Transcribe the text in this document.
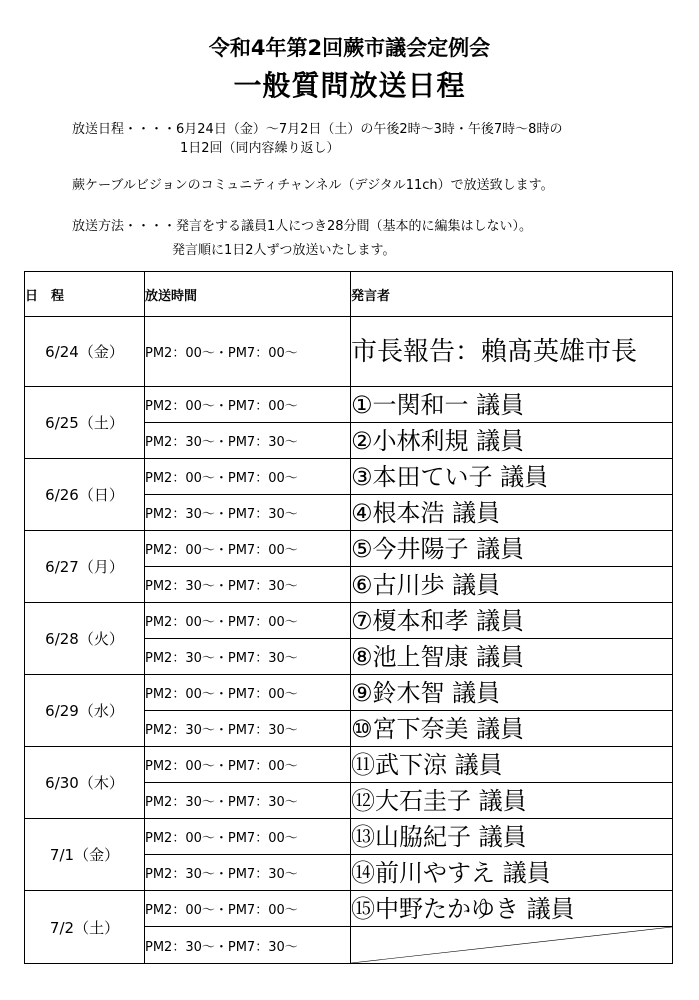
令和4年第2回蕨市議会定例会
一般質問放送日程
放送日程・・・・6月24日（金）～7月2日（土）の午後2時～3時・午後7時～8時の
1日2回（同内容繰り返し）
蕨ケーブルビジョンのコミュニティチャンネル（デジタル11ch）で放送致します。
放送方法・・・・発言をする議員1人につき28分間（基本的に編集はしない）。
発言順に1日2人ずつ放送いたします。
日　程	放送時間	発言者
6/24（金）	PM2：00～・PM7：00～	市長報告：賴髙英雄市長
6/25（土）	PM2：00～・PM7：00～	①一関和一 議員
	PM2：30～・PM7：30～	②小林利規 議員
6/26（日）	PM2：00～・PM7：00～	③本田てい子 議員
	PM2：30～・PM7：30～	④根本浩 議員
6/27（月）	PM2：00～・PM7：00～	⑤今井陽子 議員
	PM2：30～・PM7：30～	⑥古川歩 議員
6/28（火）	PM2：00～・PM7：00～	⑦榎本和孝 議員
	PM2：30～・PM7：30～	⑧池上智康 議員
6/29（水）	PM2：00～・PM7：00～	⑨鈴木智 議員
	PM2：30～・PM7：30～	⑩宮下奈美 議員
6/30（木）	PM2：00～・PM7：00～	⑪武下涼 議員
	PM2：30～・PM7：30～	⑫大石圭子 議員
7/1（金）	PM2：00～・PM7：00～	⑬山脇紀子 議員
	PM2：30～・PM7：30～	⑭前川やすえ 議員
7/2（土）	PM2：00～・PM7：00～	⑮中野たかゆき 議員
	PM2：30～・PM7：30～	
